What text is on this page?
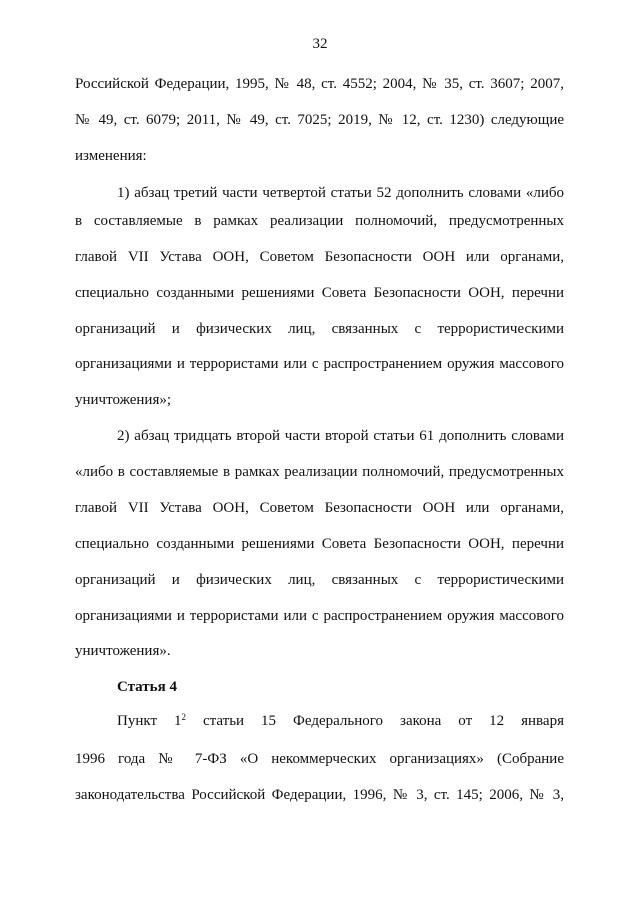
32
Российской Федерации, 1995, № 48, ст. 4552; 2004, № 35, ст. 3607; 2007,
№ 49, ст. 6079; 2011, № 49, ст. 7025; 2019, № 12, ст. 1230) следующие
изменения:
1) абзац третий части четвертой статьи 52 дополнить словами «либо
в составляемые в рамках реализации полномочий, предусмотренных
главой VII Устава ООН, Советом Безопасности ООН или органами,
специально созданными решениями Совета Безопасности ООН, перечни
организаций и физических лиц, связанных с террористическими
организациями и террористами или с распространением оружия массового
уничтожения»;
2) абзац тридцать второй части второй статьи 61 дополнить словами
«либо в составляемые в рамках реализации полномочий, предусмотренных
главой VII Устава ООН, Советом Безопасности ООН или органами,
специально созданными решениями Совета Безопасности ООН, перечни
организаций и физических лиц, связанных с террористическими
организациями и террористами или с распространением оружия массового
уничтожения».
Статья 4
Пункт $1^2$ статьи 15 Федерального закона от 12 января
1996 года № 7-ФЗ «О некоммерческих организациях» (Собрание
законодательства Российской Федерации, 1996, № 3, ст. 145; 2006, № 3,
